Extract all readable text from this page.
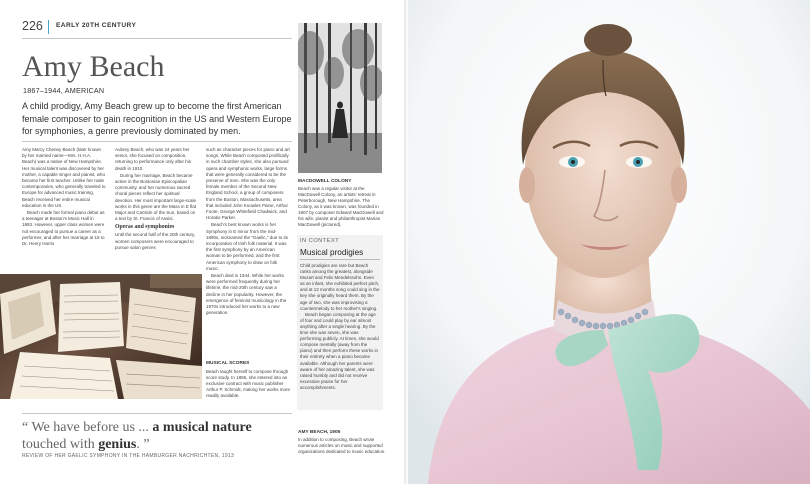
226 EARLY 20TH CENTURY
Amy Beach
1867–1944, AMERICAN
A child prodigy, Amy Beach grew up to become the first American female composer to gain recognition in the US and Western Europe for symphonies, a genre previously dominated by men.

Amy Marcy Cheney Beach (later known by her married name—Mrs. H.H.A. Beach) was a native of New Hampshire. Her musical talent was discovered by her mother, a capable singer and pianist, who became her first teacher. Unlike her male contemporaries, who generally traveled to Europe for advanced music training, Beach received her entire musical education in the US.

Beach made her formal piano debut as a teenager at Boston's Music Hall in 1883. However, upper class women were not encouraged to pursue a career as a performer, and after her marriage at 18 to Dr. Henry Harris

Aubrey Beach, who was 24 years her senior, she focused on composition, returning to performance only after his death in 1910.

During her marriage, Beach became active in the Bostonian Episcopalian community, and her numerous sacred choral pieces reflect her spiritual devotion. Her most important large-scale works in this genre are the Mass in E flat Major and Canticle of the Sun, based on a text by St. Francis of Assisi.

Operas and symphonies

Until the second half of the 20th century, women composers were encouraged to pursue salon genres

such as character pieces for piano and art songs. While Beach composed prolifically in such chamber styles, she also pursued opera and symphonic works, large forms that were generally considered to be the preserve of men. She was the only female member of the Second New England School, a group of composers from the Boston, Massachusetts, area that included John Knowles Paine, Arthur Foote, George Whitefield Chadwick, and Horatio Parker.

Beach's best known works is her Symphony in E minor from the mid-1890s, nicknamed the "Gaelic," due to its incorporation of Irish folk material. It was the first symphony by an American woman to be performed, and the first American symphony to draw on folk music.

Beach died in 1944. While her works were performed frequently during her lifetime, the mid-20th century saw a decline in her popularity. However, the emergence of feminist musicology in the 1970s introduced her works to a new generation.

MUSICAL SCORES
Beach taught herself to compose through score study. In 1885, she entered into an exclusive contract with music publisher Arthur P. Schmidt, making her works more readily available.
“ We have before us ... a musical nature touched with genius. ”
REVIEW OF HER GAELIC SYMPHONY IN THE HAMBURGER NACHRICHTEN, 1913
MACDOWELL COLONY
Beach was a regular visitor at the MacDowell Colony, an artists' retreat in Peterborough, New Hampshire. The Colony, as it was known, was founded in 1907 by composer Edward MacDowell and his wife, pianist and philanthropist Marian MacDowell (pictured).
IN CONTEXT
Musical prodigies

Child prodigies are rare but Beach ranks among the greatest, alongside Mozart and Felix Mendelssohn. Even as an infant, she exhibited perfect pitch, and at 12 months song could sing in the key she originally heard them. By the age of two, she was improvising a countermelody to her mother's singing.

Beach began composing at the age of four and could play by ear almost anything after a single hearing. By the time she was seven, she was performing publicly. At times, she would compose mentally (away from the piano) and then perform these works in their entirety when a piano became available. Although her parents were aware of her amazing talent, she was raised humbly and did not receive excessive praise for her accomplishments.

AMY BEACH, 1905
In addition to composing, Beach wrote numerous articles on music and supported organizations dedicated to music education.
